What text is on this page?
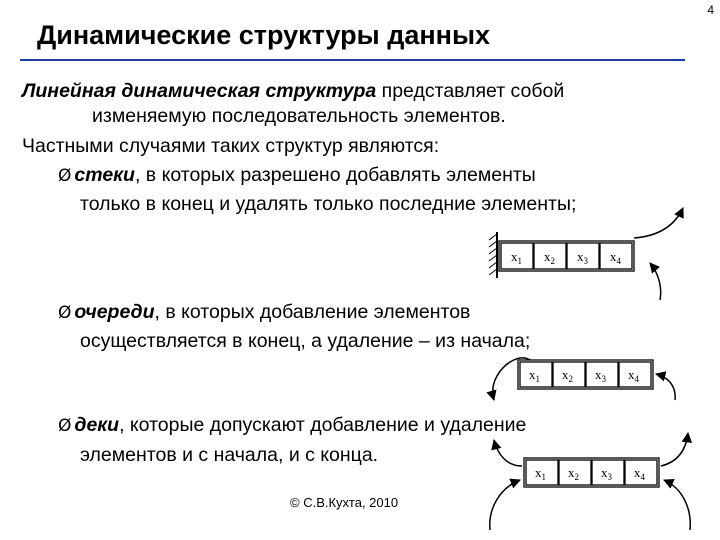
4
Динамические структуры данных
Линейная динамическая структура представляет собой
изменяемую последовательность элементов.
Частными случаями таких структур являются:
Ø стеки, в которых разрешено добавлять элементы
только в конец и удалять только последние элементы;
Ø очереди, в которых добавление элементов
осуществляется в конец, а удаление – из начала;
Ø деки, которые допускают добавление и удаление
элементов и с начала, и с конца.
$x_1$ $x_2$ $x_3$ $x_4$
$x_1$ $x_2$ $x_3$ $x_4$
$x_1$ $x_2$ $x_3$ $x_4$
© С.В.Кухта, 2010
